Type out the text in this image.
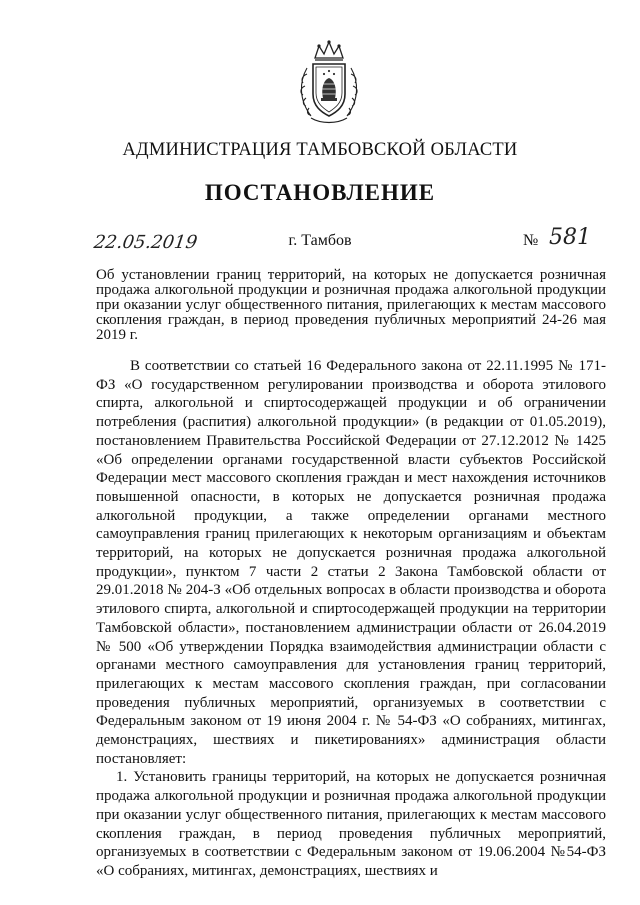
АДМИНИСТРАЦИЯ ТАМБОВСКОЙ ОБЛАСТИ
ПОСТАНОВЛЕНИЕ
22.05.2019	г. Тамбов	№ 581
Об установлении границ территорий, на которых не допускается розничная продажа алкогольной продукции и розничная продажа алкогольной продукции при оказании услуг общественного питания, прилегающих к местам массового скопления граждан, в период проведения публичных мероприятий 24-26 мая 2019 г.

В соответствии со статьей 16 Федерального закона от 22.11.1995 № 171-ФЗ «О государственном регулировании производства и оборота этилового спирта, алкогольной и спиртосодержащей продукции и об ограничении потребления (распития) алкогольной продукции» (в редакции от 01.05.2019), постановлением Правительства Российской Федерации от 27.12.2012 № 1425 «Об определении органами государственной власти субъектов Российской Федерации мест массового скопления граждан и мест нахождения источников повышенной опасности, в которых не допускается розничная продажа алкогольной продукции, а также определении органами местного самоуправления границ прилегающих к некоторым организациям и объектам территорий, на которых не допускается розничная продажа алкогольной продукции», пунктом 7 части 2 статьи 2 Закона Тамбовской области от 29.01.2018 № 204-З «Об отдельных вопросах в области производства и оборота этилового спирта, алкогольной и спиртосодержащей продукции на территории Тамбовской области», постановлением администрации области от 26.04.2019 № 500 «Об утверждении Порядка взаимодействия администрации области с органами местного самоуправления для установления границ территорий, прилегающих к местам массового скопления граждан, при согласовании проведения публичных мероприятий, организуемых в соответствии с Федеральным законом от 19 июня 2004 г. № 54-ФЗ «О собраниях, митингах, демонстрациях, шествиях и пикетированиях» администрация области постановляет:

1. Установить границы территорий, на которых не допускается розничная продажа алкогольной продукции и розничная продажа алкогольной продукции при оказании услуг общественного питания, прилегающих к местам массового скопления граждан, в период проведения публичных мероприятий, организуемых в соответствии с Федеральным законом от 19.06.2004 №54-ФЗ «О собраниях, митингах, демонстрациях, шествиях и
